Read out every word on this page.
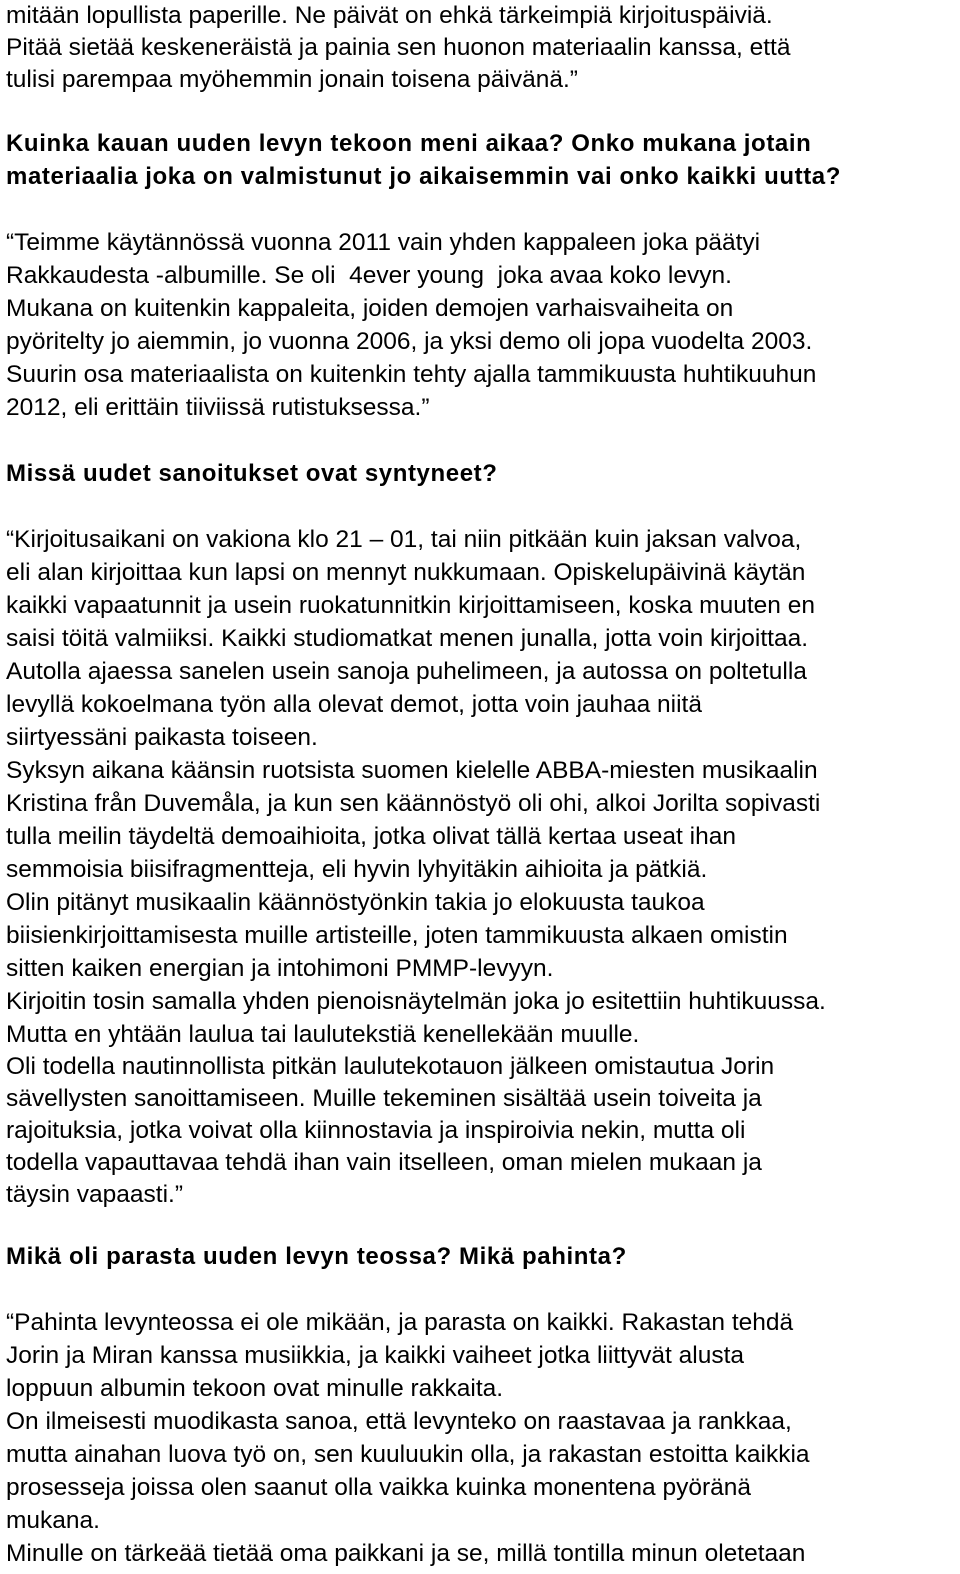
mitään lopullista paperille. Ne päivät on ehkä tärkeimpiä kirjoituspäiviä.
Pitää sietää keskeneräistä ja painia sen huonon materiaalin kanssa, että
tulisi parempaa myöhemmin jonain toisena päivänä.”
Kuinka kauan uuden levyn tekoon meni aikaa? Onko mukana jotain
materiaalia joka on valmistunut jo aikaisemmin vai onko kaikki uutta?
“Teimme käytännössä vuonna 2011 vain yhden kappaleen joka päätyi
Rakkaudesta -albumille. Se oli  4ever young  joka avaa koko levyn.
Mukana on kuitenkin kappaleita, joiden demojen varhaisvaiheita on
pyöritelty jo aiemmin, jo vuonna 2006, ja yksi demo oli jopa vuodelta 2003.
Suurin osa materiaalista on kuitenkin tehty ajalla tammikuusta huhtikuuhun
2012, eli erittäin tiiviissä rutistuksessa.”
Missä uudet sanoitukset ovat syntyneet?
“Kirjoitusaikani on vakiona klo 21 – 01, tai niin pitkään kuin jaksan valvoa,
eli alan kirjoittaa kun lapsi on mennyt nukkumaan. Opiskelupäivinä käytän
kaikki vapaatunnit ja usein ruokatunnitkin kirjoittamiseen, koska muuten en
saisi töitä valmiiksi. Kaikki studiomatkat menen junalla, jotta voin kirjoittaa.
Autolla ajaessa sanelen usein sanoja puhelimeen, ja autossa on poltetulla
levyllä kokoelmana työn alla olevat demot, jotta voin jauhaa niitä
siirtyessäni paikasta toiseen.
Syksyn aikana käänsin ruotsista suomen kielelle ABBA-miesten musikaalin
Kristina från Duvemåla, ja kun sen käännöstyö oli ohi, alkoi Jorilta sopivasti
tulla meilin täydeltä demoaihioita, jotka olivat tällä kertaa useat ihan
semmoisia biisifragmentteja, eli hyvin lyhyitäkin aihioita ja pätkiä.
Olin pitänyt musikaalin käännöstyönkin takia jo elokuusta taukoa
biisienkirjoittamisesta muille artisteille, joten tammikuusta alkaen omistin
sitten kaiken energian ja intohimoni PMMP-levyyn.
Kirjoitin tosin samalla yhden pienoisnäytelmän joka jo esitettiin huhtikuussa.
Mutta en yhtään laulua tai laulutekstiä kenellekään muulle.
Oli todella nautinnollista pitkän laulutekotauon jälkeen omistautua Jorin
sävellysten sanoittamiseen. Muille tekeminen sisältää usein toiveita ja
rajoituksia, jotka voivat olla kiinnostavia ja inspiroivia nekin, mutta oli
todella vapauttavaa tehdä ihan vain itselleen, oman mielen mukaan ja
täysin vapaasti.”
Mikä oli parasta uuden levyn teossa? Mikä pahinta?
“Pahinta levynteossa ei ole mikään, ja parasta on kaikki. Rakastan tehdä
Jorin ja Miran kanssa musiikkia, ja kaikki vaiheet jotka liittyvät alusta
loppuun albumin tekoon ovat minulle rakkaita.
On ilmeisesti muodikasta sanoa, että levynteko on raastavaa ja rankkaa,
mutta ainahan luova työ on, sen kuuluukin olla, ja rakastan estoitta kaikkia
prosesseja joissa olen saanut olla vaikka kuinka monentena pyöränä
mukana.
Minulle on tärkeää tietää oma paikkani ja se, millä tontilla minun oletetaan
